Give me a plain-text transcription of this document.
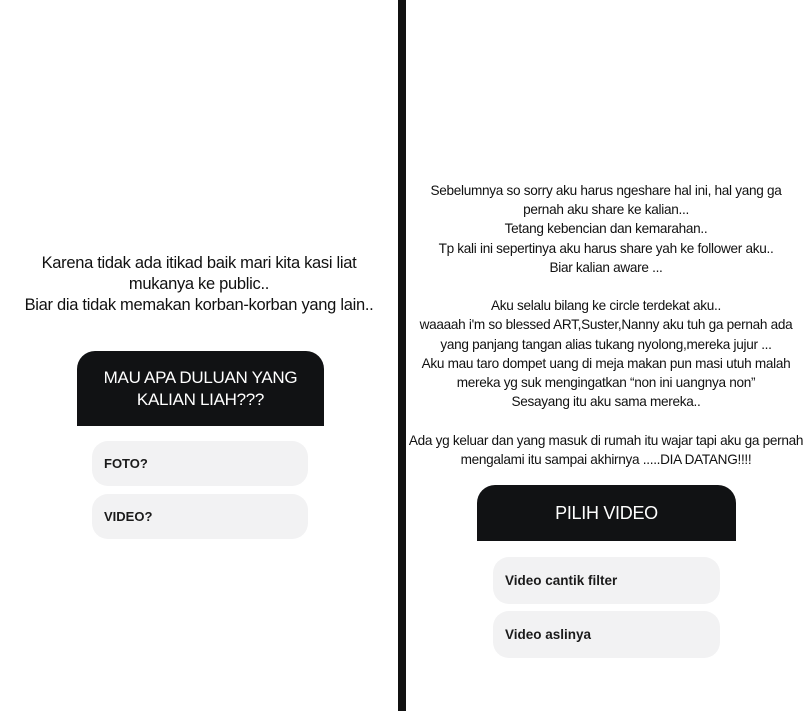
Karena tidak ada itikad baik mari kita kasi liat
mukanya ke public..
Biar dia tidak memakan korban-korban yang lain..
MAU APA DULUAN YANG KALIAN LIAH???
FOTO?
VIDEO?
Sebelumnya so sorry aku harus ngeshare hal ini, hal yang ga
pernah aku share ke kalian...
Tetang kebencian dan kemarahan..
Tp kali ini sepertinya aku harus share yah ke follower aku..
Biar kalian aware ...

Aku selalu bilang ke circle terdekat aku..
waaaah i'm so blessed ART,Suster,Nanny aku tuh ga pernah ada
yang panjang tangan alias tukang nyolong,mereka jujur ...
Aku mau taro dompet uang di meja makan pun masi utuh malah
mereka yg suk mengingatkan “non ini uangnya non”
Sesayang itu aku sama mereka..

Ada yg keluar dan yang masuk di rumah itu wajar tapi aku ga pernah
mengalami itu sampai akhirnya .....DIA DATANG!!!!
PILIH VIDEO
Video cantik filter
Video aslinya
